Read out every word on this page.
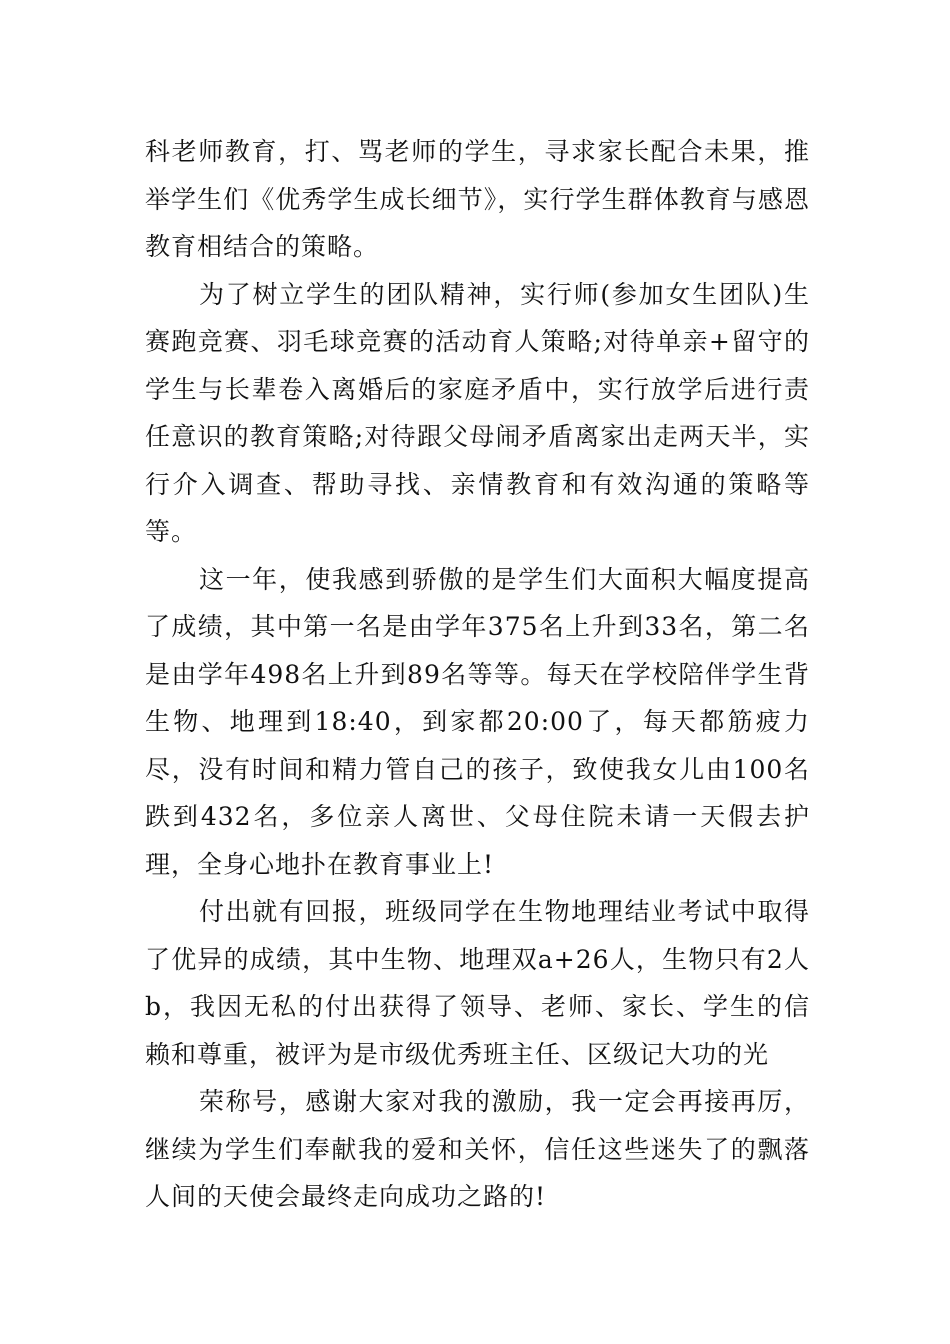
科老师教育，打、骂老师的学生，寻求家长配合未果，推举学生们《优秀学生成长细节》，实行学生群体教育与感恩教育相结合的策略。

为了树立学生的团队精神，实行师(参加女生团队)生赛跑竞赛、羽毛球竞赛的活动育人策略;对待单亲+留守的学生与长辈卷入离婚后的家庭矛盾中，实行放学后进行责任意识的教育策略;对待跟父母闹矛盾离家出走两天半，实行介入调查、帮助寻找、亲情教育和有效沟通的策略等等。

这一年，使我感到骄傲的是学生们大面积大幅度提高了成绩，其中第一名是由学年375名上升到33名，第二名是由学年498名上升到89名等等。每天在学校陪伴学生背生物、地理到18:40，到家都20:00了，每天都筋疲力尽，没有时间和精力管自己的孩子，致使我女儿由100名跌到432名，多位亲人离世、父母住院未请一天假去护理，全身心地扑在教育事业上!

付出就有回报，班级同学在生物地理结业考试中取得了优异的成绩，其中生物、地理双a+26人，生物只有2人b，我因无私的付出获得了领导、老师、家长、学生的信赖和尊重，被评为是市级优秀班主任、区级记大功的光

荣称号，感谢大家对我的激励，我一定会再接再厉，继续为学生们奉献我的爱和关怀，信任这些迷失了的飘落人间的天使会最终走向成功之路的!
